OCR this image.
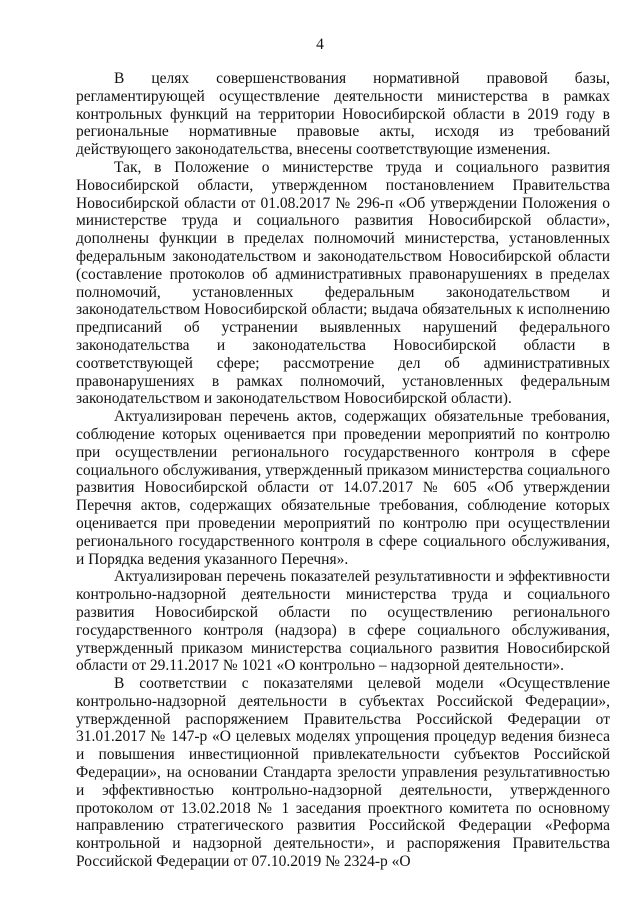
4

В целях совершенствования нормативной правовой базы, регламентирующей осуществление деятельности министерства в рамках контрольных функций на территории Новосибирской области в 2019 году в региональные нормативные правовые акты, исходя из требований действующего законодательства, внесены соответствующие изменения.

Так, в Положение о министерстве труда и социального развития Новосибирской области, утвержденном постановлением Правительства Новосибирской области от 01.08.2017 № 296-п «Об утверждении Положения о министерстве труда и социального развития Новосибирской области», дополнены функции в пределах полномочий министерства, установленных федеральным законодательством и законодательством Новосибирской области (составление протоколов об административных правонарушениях в пределах полномочий, установленных федеральным законодательством и законодательством Новосибирской области; выдача обязательных к исполнению предписаний об устранении выявленных нарушений федерального законодательства и законодательства Новосибирской области в соответствующей сфере; рассмотрение дел об административных правонарушениях в рамках полномочий, установленных федеральным законодательством и законодательством Новосибирской области).

Актуализирован перечень актов, содержащих обязательные требования, соблюдение которых оценивается при проведении мероприятий по контролю при осуществлении регионального государственного контроля в сфере социального обслуживания, утвержденный приказом министерства социального развития Новосибирской области от 14.07.2017 № 605 «Об утверждении Перечня актов, содержащих обязательные требования, соблюдение которых оценивается при проведении мероприятий по контролю при осуществлении регионального государственного контроля в сфере социального обслуживания, и Порядка ведения указанного Перечня».

Актуализирован перечень показателей результативности и эффективности контрольно-надзорной деятельности министерства труда и социального развития Новосибирской области по осуществлению регионального государственного контроля (надзора) в сфере социального обслуживания, утвержденный приказом министерства социального развития Новосибирской области от 29.11.2017 № 1021 «О контрольно – надзорной деятельности».

В соответствии с показателями целевой модели «Осуществление контрольно-надзорной деятельности в субъектах Российской Федерации», утвержденной распоряжением Правительства Российской Федерации от 31.01.2017 № 147-р «О целевых моделях упрощения процедур ведения бизнеса и повышения инвестиционной привлекательности субъектов Российской Федерации», на основании Стандарта зрелости управления результативностью и эффективностью контрольно-надзорной деятельности, утвержденного протоколом от 13.02.2018 № 1 заседания проектного комитета по основному направлению стратегического развития Российской Федерации «Реформа контрольной и надзорной деятельности», и распоряжения Правительства Российской Федерации от 07.10.2019 № 2324-р «О
